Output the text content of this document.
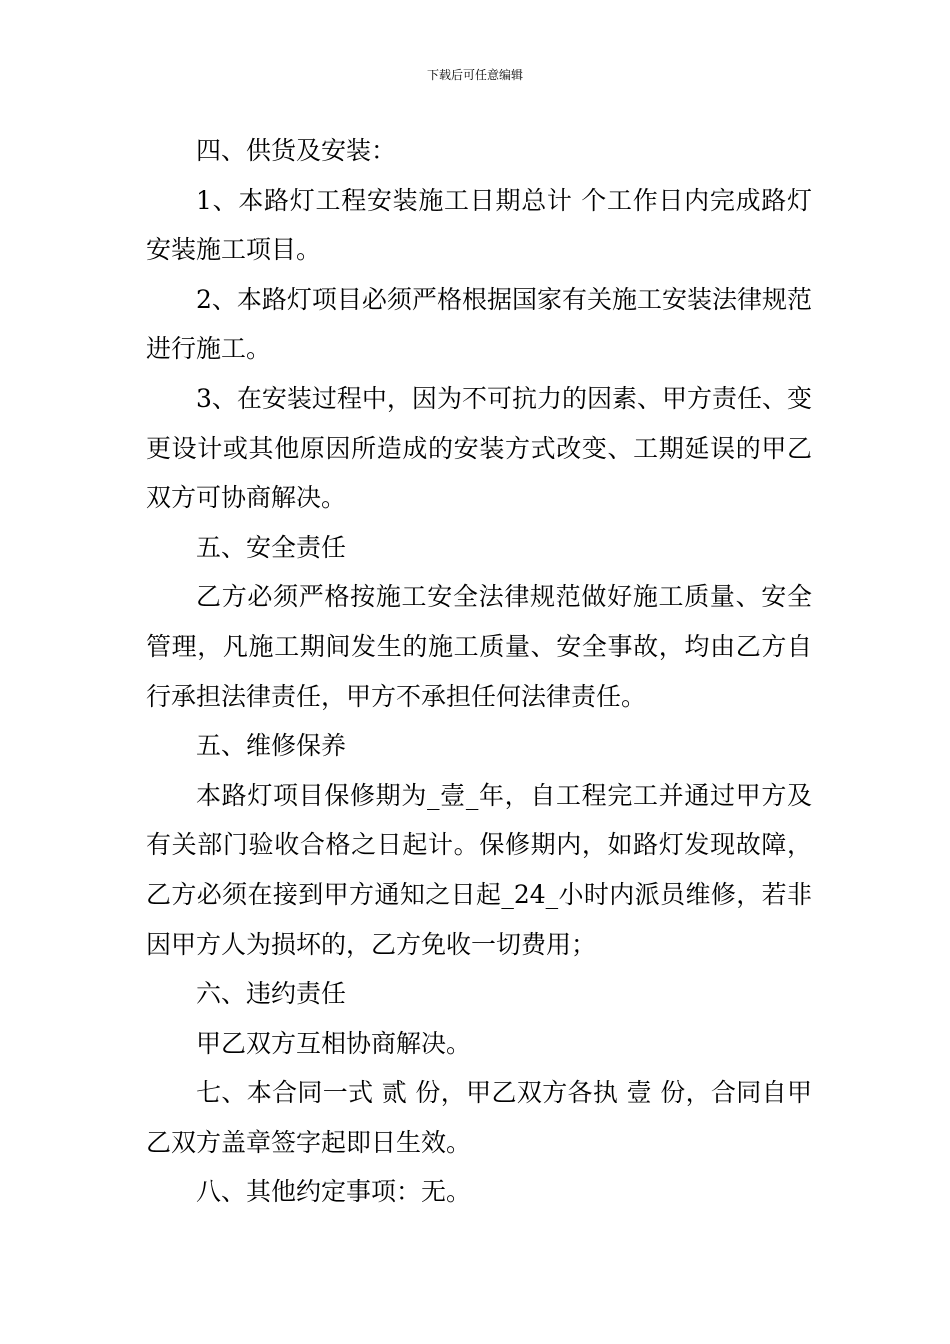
下载后可任意编辑

四、供货及安装：

1、本路灯工程安装施工日期总计 个工作日内完成路灯安装施工项目。

2、本路灯项目必须严格根据国家有关施工安装法律规范进行施工。

3、在安装过程中，因为不可抗力的因素、甲方责任、变更设计或其他原因所造成的安装方式改变、工期延误的甲乙双方可协商解决。

五、安全责任

乙方必须严格按施工安全法律规范做好施工质量、安全管理，凡施工期间发生的施工质量、安全事故，均由乙方自行承担法律责任，甲方不承担任何法律责任。

五、维修保养

本路灯项目保修期为_壹_年，自工程完工并通过甲方及有关部门验收合格之日起计。保修期内，如路灯发现故障，乙方必须在接到甲方通知之日起_24_小时内派员维修，若非因甲方人为损坏的，乙方免收一切费用；

六、违约责任

甲乙双方互相协商解决。

七、本合同一式 贰 份，甲乙双方各执 壹 份，合同自甲乙双方盖章签字起即日生效。

八、其他约定事项：无。
